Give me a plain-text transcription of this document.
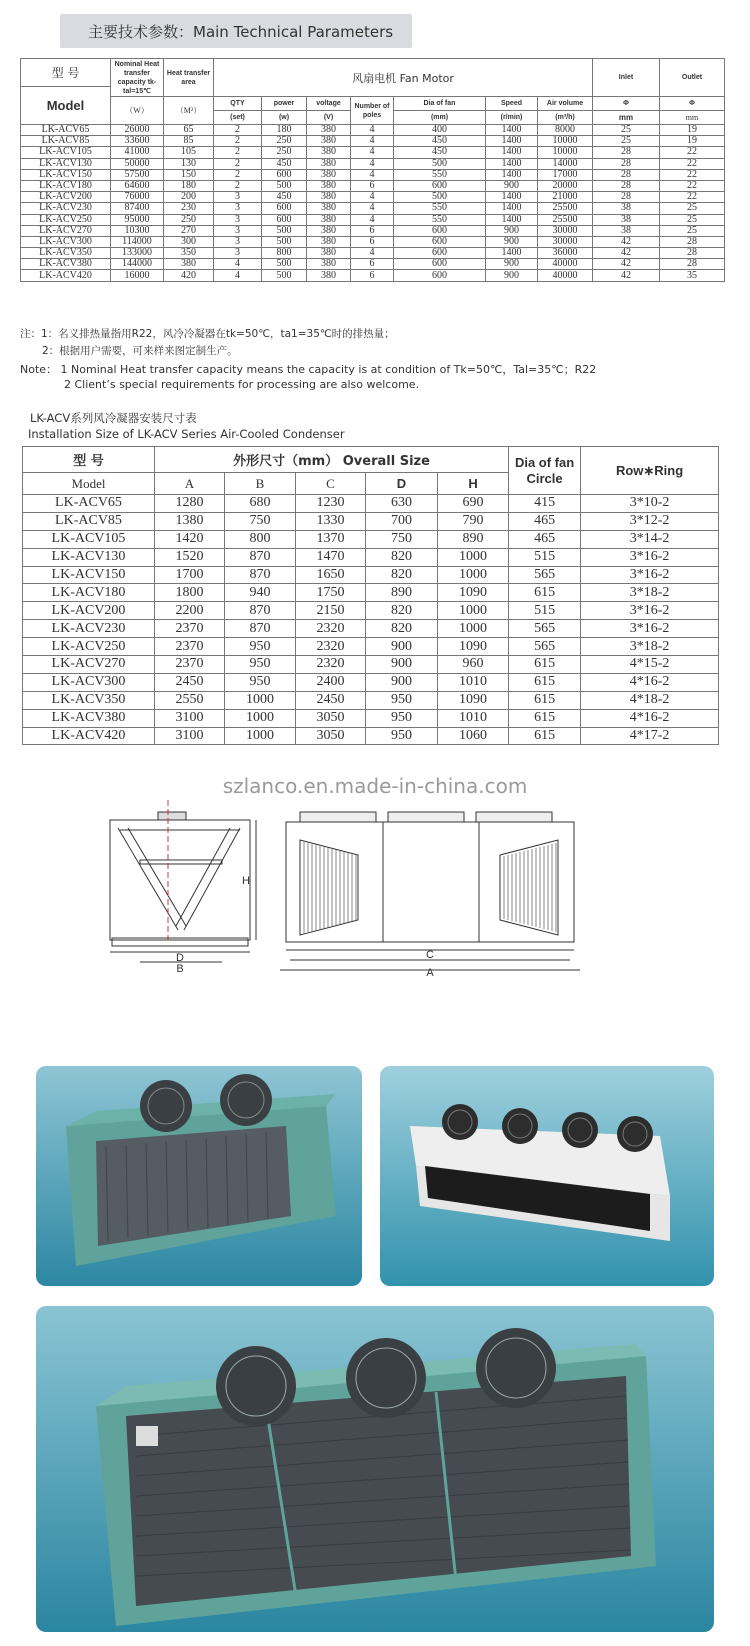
主要技术参数：Main Technical Parameters
型 号	Nominal Heat transfer capacity tk-tal=15℃	Heat transfer area	风扇电机 Fan Motor							Inlet	Outlet
Model											
	（W）	（M²）	QTY	power	voltage	Number of poles	Dia of fan	Speed	Air volume	Φ	Φ
			(set)	(w)	(V)		(mm)	(r/min)	(m³/h)	mm	mm
LK-ACV65	26000	65	2	180	380	4	400	1400	8000	25	19
LK-ACV85	33600	85	2	250	380	4	450	1400	10000	25	19
LK-ACV105	41000	105	2	250	380	4	450	1400	10000	28	22
LK-ACV130	50000	130	2	450	380	4	500	1400	14000	28	22
LK-ACV150	57500	150	2	600	380	4	550	1400	17000	28	22
LK-ACV180	64600	180	2	500	380	6	600	900	20000	28	22
LK-ACV200	76000	200	3	450	380	4	500	1400	21000	28	22
LK-ACV230	87400	230	3	600	380	4	550	1400	25500	38	25
LK-ACV250	95000	250	3	600	380	4	550	1400	25500	38	25
LK-ACV270	10300	270	3	500	380	6	600	900	30000	38	25
LK-ACV300	114000	300	3	500	380	6	600	900	30000	42	28
LK-ACV350	133000	350	3	800	380	4	600	1400	36000	42	28
LK-ACV380	144000	380	4	500	380	6	600	900	40000	42	28
LK-ACV420	16000	420	4	500	380	6	600	900	40000	42	35
注：1：名义排热量指用R22，风冷冷凝器在tk=50℃，ta1=35℃时的排热量；
2：根据用户需要，可来样来图定制生产。
Note： 1 Nominal Heat transfer capacity means the capacity is at condition of Tk=50℃，Tal=35℃；R22
2 Client’s special requirements for processing are also welcome.
LK-ACV系列风冷凝器安装尺寸表
Installation Size of LK-ACV Series Air-Cooled Condenser
型 号	外形尺寸（mm） Overall Size					Dia of fan Circle	Row∗Ring
Model	A	B	C	D	H		
LK-ACV65	1280	680	1230	630	690	415	3*10-2
LK-ACV85	1380	750	1330	700	790	465	3*12-2
LK-ACV105	1420	800	1370	750	890	465	3*14-2
LK-ACV130	1520	870	1470	820	1000	515	3*16-2
LK-ACV150	1700	870	1650	820	1000	565	3*16-2
LK-ACV180	1800	940	1750	890	1090	615	3*18-2
LK-ACV200	2200	870	2150	820	1000	515	3*16-2
LK-ACV230	2370	870	2320	820	1000	565	3*16-2
LK-ACV250	2370	950	2320	900	1090	565	3*18-2
LK-ACV270	2370	950	2320	900	960	615	4*15-2
LK-ACV300	2450	950	2400	900	1010	615	4*16-2
LK-ACV350	2550	1000	2450	950	1090	615	4*18-2
LK-ACV380	3100	1000	3050	950	1010	615	4*16-2
LK-ACV420	3100	1000	3050	950	1060	615	4*17-2
szlanco.en.made-in-china.com
H
D
B
C
A
